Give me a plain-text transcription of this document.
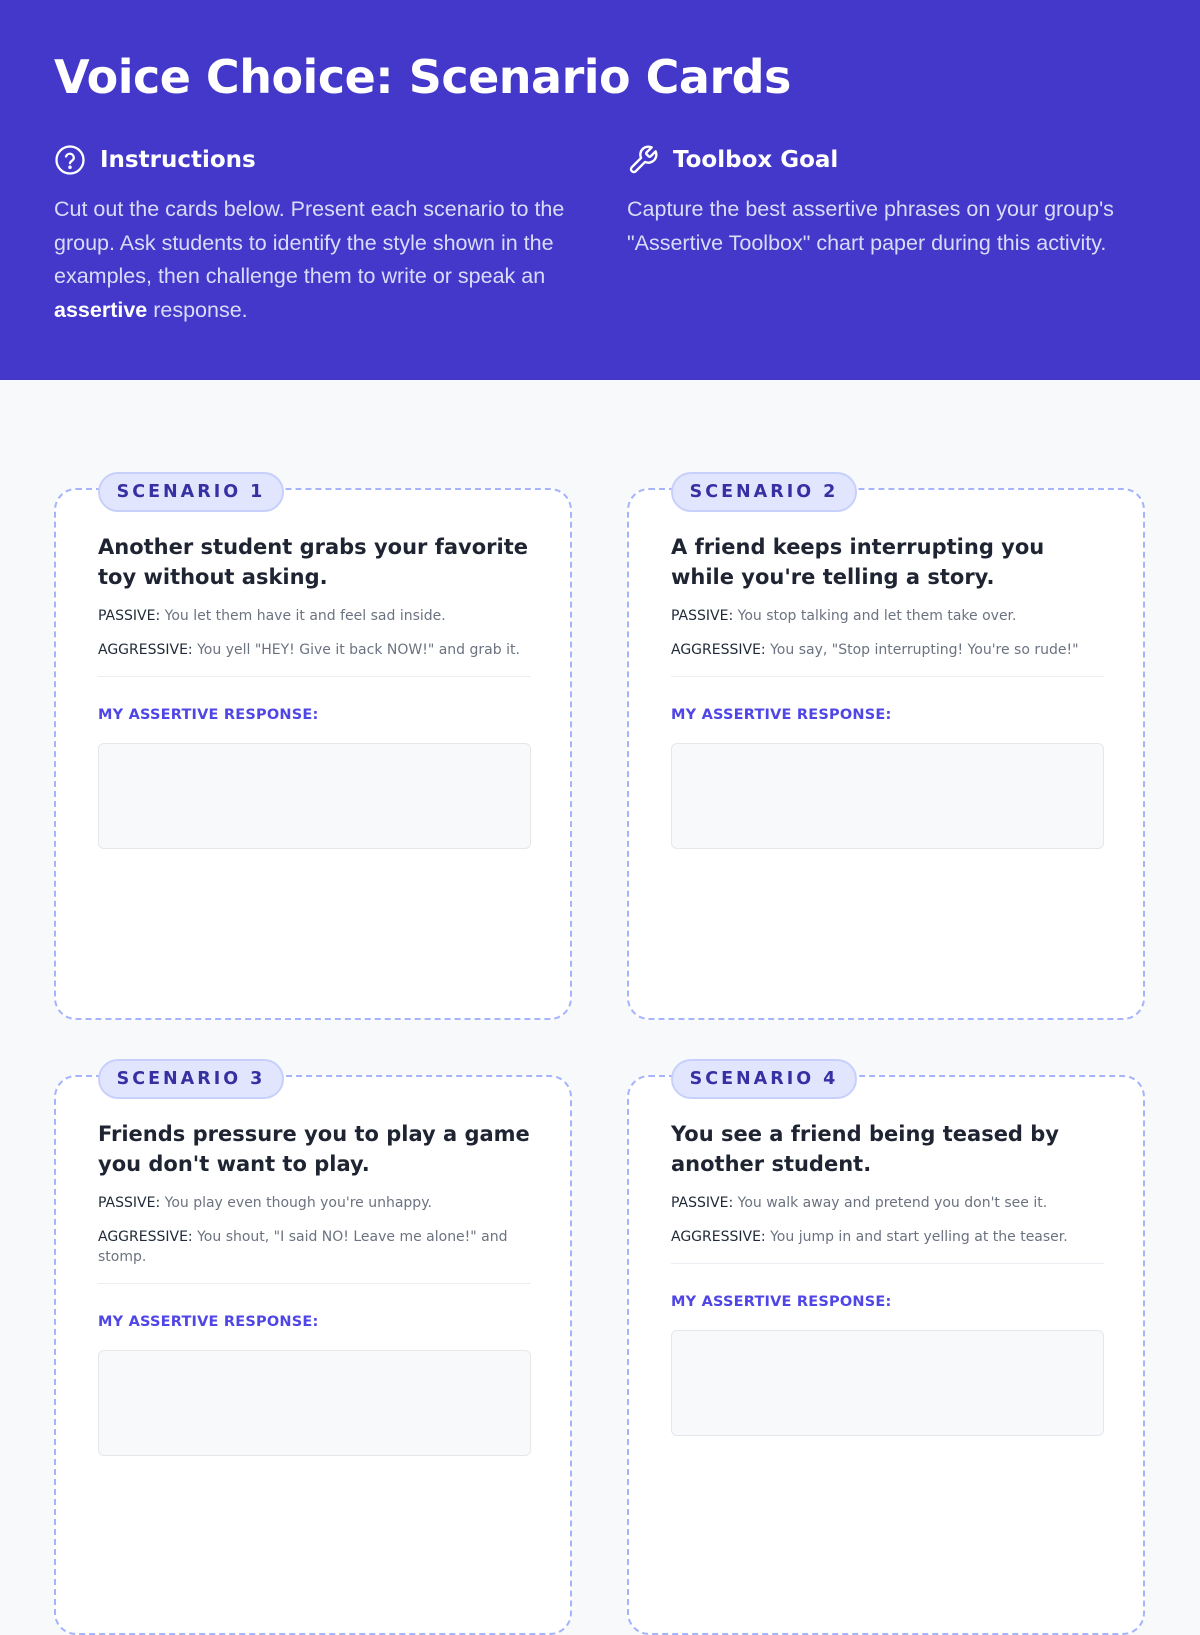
Voice Choice: Scenario Cards
Instructions

Cut out the cards below. Present each scenario to the group. Ask students to identify the style shown in the examples, then challenge them to write or speak an assertive response.

Toolbox Goal

Capture the best assertive phrases on your group's "Assertive Toolbox" chart paper during this activity.

SCENARIO 1
Another student grabs your favorite toy without asking.
PASSIVE: You let them have it and feel sad inside.
AGGRESSIVE: You yell "HEY! Give it back NOW!" and grab it.
MY ASSERTIVE RESPONSE:
SCENARIO 2
A friend keeps interrupting you while you're telling a story.
PASSIVE: You stop talking and let them take over.
AGGRESSIVE: You say, "Stop interrupting! You're so rude!"
MY ASSERTIVE RESPONSE:
SCENARIO 3
Friends pressure you to play a game you don't want to play.
PASSIVE: You play even though you're unhappy.
AGGRESSIVE: You shout, "I said NO! Leave me alone!" and stomp.
MY ASSERTIVE RESPONSE:
SCENARIO 4
You see a friend being teased by another student.
PASSIVE: You walk away and pretend you don't see it.
AGGRESSIVE: You jump in and start yelling at the teaser.
MY ASSERTIVE RESPONSE:
